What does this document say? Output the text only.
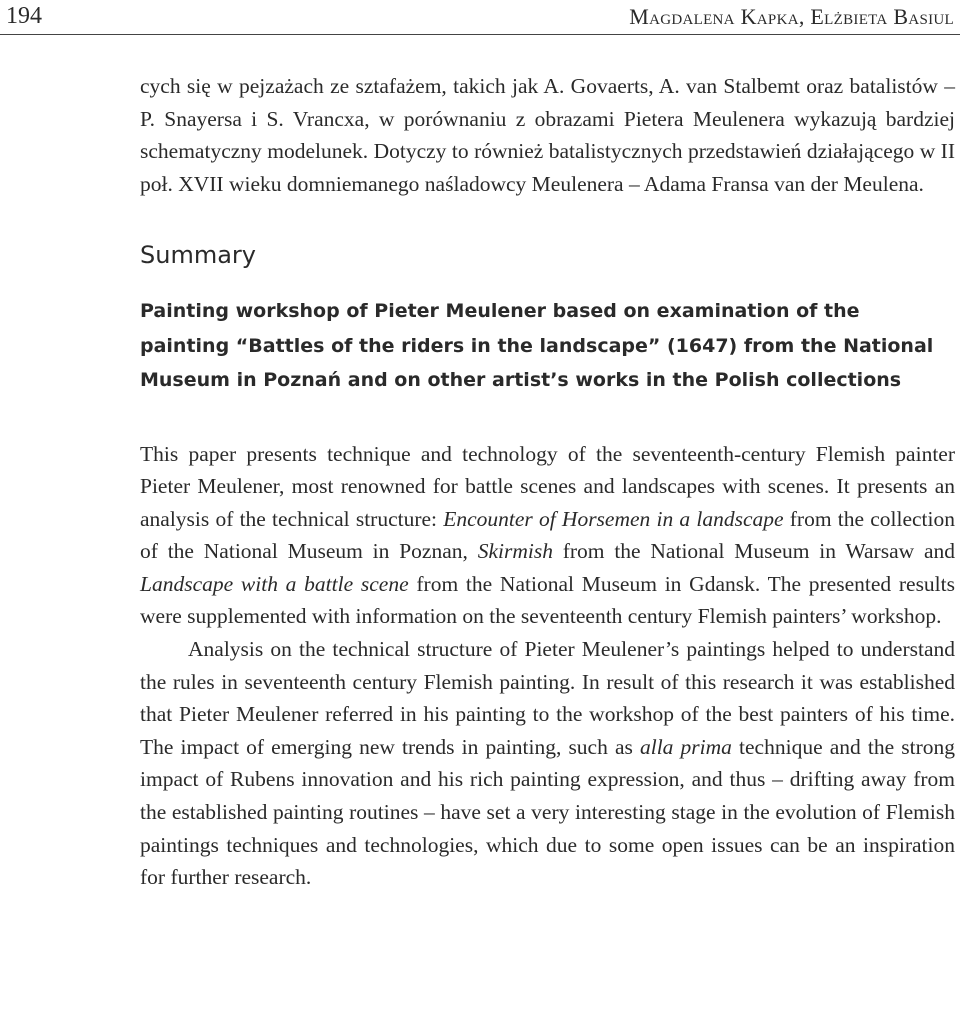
194	Magdalena Kapka, Elżbieta Basiul

cych się w pejzażach ze sztafażem, takich jak A. Govaerts, A. van Stalbemt oraz batalistów – P. Snayersa i S. Vrancxa, w porównaniu z obrazami Pietera Meulenera wykazują bardziej schematyczny modelunek. Dotyczy to również batalistycznych przedstawień działającego w II poł. XVII wieku domniemanego naśladowcy Meulenera – Adama Fransa van der Meulena.

Summary
Painting workshop of Pieter Meulener based on examination of the painting “Battles of the riders in the landscape” (1647) from the National Museum in Poznań and on other artist’s works in the Polish collections

This paper presents technique and technology of the seventeenth-century Flemish painter Pieter Meulener, most renowned for battle scenes and landscapes with scenes. It presents an analysis of the technical structure: Encounter of Horsemen in a landscape from the collection of the National Museum in Poznan, Skirmish from the National Museum in Warsaw and Landscape with a battle scene from the National Museum in Gdansk. The presented results were supplemented with information on the seventeenth century Flemish painters’ workshop.

Analysis on the technical structure of Pieter Meulener’s paintings helped to understand the rules in seventeenth century Flemish painting. In result of this research it was established that Pieter Meulener referred in his painting to the workshop of the best painters of his time. The impact of emerging new trends in painting, such as alla prima technique and the strong impact of Rubens innovation and his rich painting expression, and thus – drifting away from the established painting routines – have set a very interesting stage in the evolution of Flemish paintings techniques and technologies, which due to some open issues can be an inspiration for further research.
